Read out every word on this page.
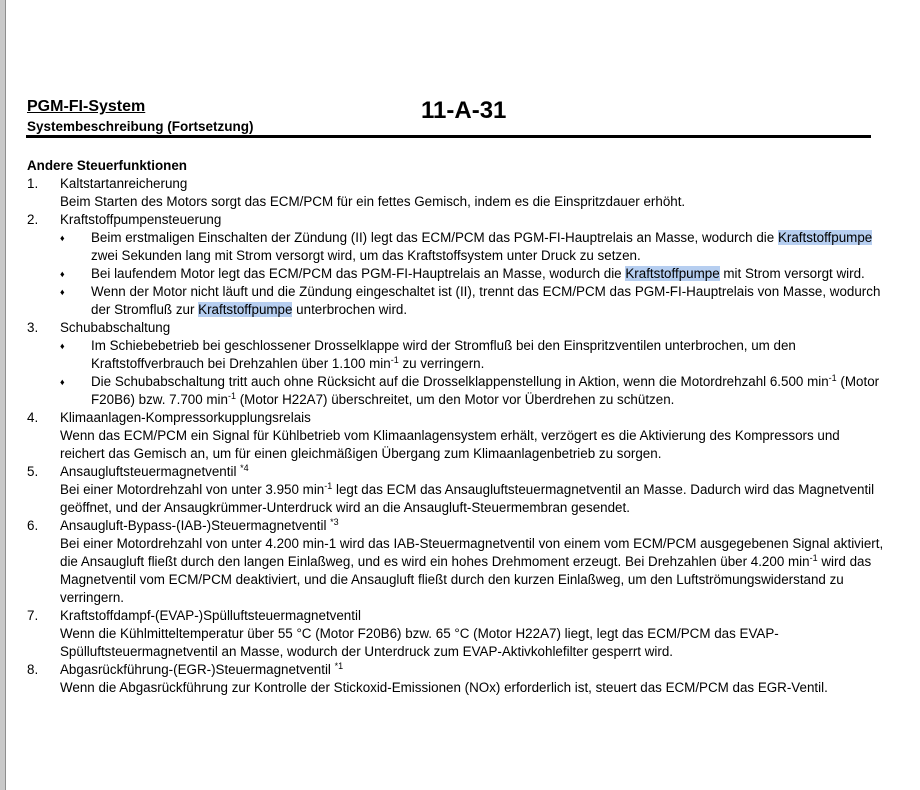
PGM-FI-System
Systembeschreibung (Fortsetzung)
11-A-31
Andere Steuerfunktionen
1. Kaltstartanreicherung
Beim Starten des Motors sorgt das ECM/PCM für ein fettes Gemisch, indem es die Einspritzdauer erhöht.
2. Kraftstoffpumpensteuerung
♦ Beim erstmaligen Einschalten der Zündung (II) legt das ECM/PCM das PGM-FI-Hauptrelais an Masse, wodurch die Kraftstoffpumpe zwei Sekunden lang mit Strom versorgt wird, um das Kraftstoffsystem unter Druck zu setzen.
♦ Bei laufendem Motor legt das ECM/PCM das PGM-FI-Hauptrelais an Masse, wodurch die Kraftstoffpumpe mit Strom versorgt wird.
♦ Wenn der Motor nicht läuft und die Zündung eingeschaltet ist (II), trennt das ECM/PCM das PGM-FI-Hauptrelais von Masse, wodurch der Stromfluß zur Kraftstoffpumpe unterbrochen wird.
3. Schubabschaltung
♦ Im Schiebebetrieb bei geschlossener Drosselklappe wird der Stromfluß bei den Einspritzventilen unterbrochen, um den Kraftstoffverbrauch bei Drehzahlen über 1.100 $\min^{-1}$ zu verringern.
♦ Die Schubabschaltung tritt auch ohne Rücksicht auf die Drosselklappenstellung in Aktion, wenn die Motordrehzahl 6.500 $\min^{-1}$ (Motor F20B6) bzw. 7.700 $\min^{-1}$ (Motor H22A7) überschreitet, um den Motor vor Überdrehen zu schützen.
4. Klimaanlagen-Kompressorkupplungsrelais
Wenn das ECM/PCM ein Signal für Kühlbetrieb vom Klimaanlagensystem erhält, verzögert es die Aktivierung des Kompressors und reichert das Gemisch an, um für einen gleichmäßigen Übergang zum Klimaanlagenbetrieb zu sorgen.
5. Ansaugluftsteuermagnetventil $^{*4}$
Bei einer Motordrehzahl von unter 3.950 $\min^{-1}$ legt das ECM das Ansaugluftsteuermagnetventil an Masse. Dadurch wird das Magnetventil geöffnet, und der Ansaugkrümmer-Unterdruck wird an die Ansaugluft-Steuermembran gesendet.
6. Ansaugluft-Bypass-(IAB-)Steuermagnetventil $^{*3}$
Bei einer Motordrehzahl von unter 4.200 min-1 wird das IAB-Steuermagnetventil von einem vom ECM/PCM ausgegebenen Signal aktiviert, die Ansaugluft fließt durch den langen Einlaßweg, und es wird ein hohes Drehmoment erzeugt. Bei Drehzahlen über 4.200 $\min^{-1}$ wird das Magnetventil vom ECM/PCM deaktiviert, und die Ansaugluft fließt durch den kurzen Einlaßweg, um den Luftströmungswiderstand zu verringern.
7. Kraftstoffdampf-(EVAP-)Spülluftsteuermagnetventil
Wenn die Kühlmitteltemperatur über 55 °C (Motor F20B6) bzw. 65 °C (Motor H22A7) liegt, legt das ECM/PCM das EVAP-Spülluftsteuermagnetventil an Masse, wodurch der Unterdruck zum EVAP-Aktivkohlefilter gesperrt wird.
8. Abgasrückführung-(EGR-)Steuermagnetventil $^{*1}$
Wenn die Abgasrückführung zur Kontrolle der Stickoxid-Emissionen (NOx) erforderlich ist, steuert das ECM/PCM das EGR-Ventil.
